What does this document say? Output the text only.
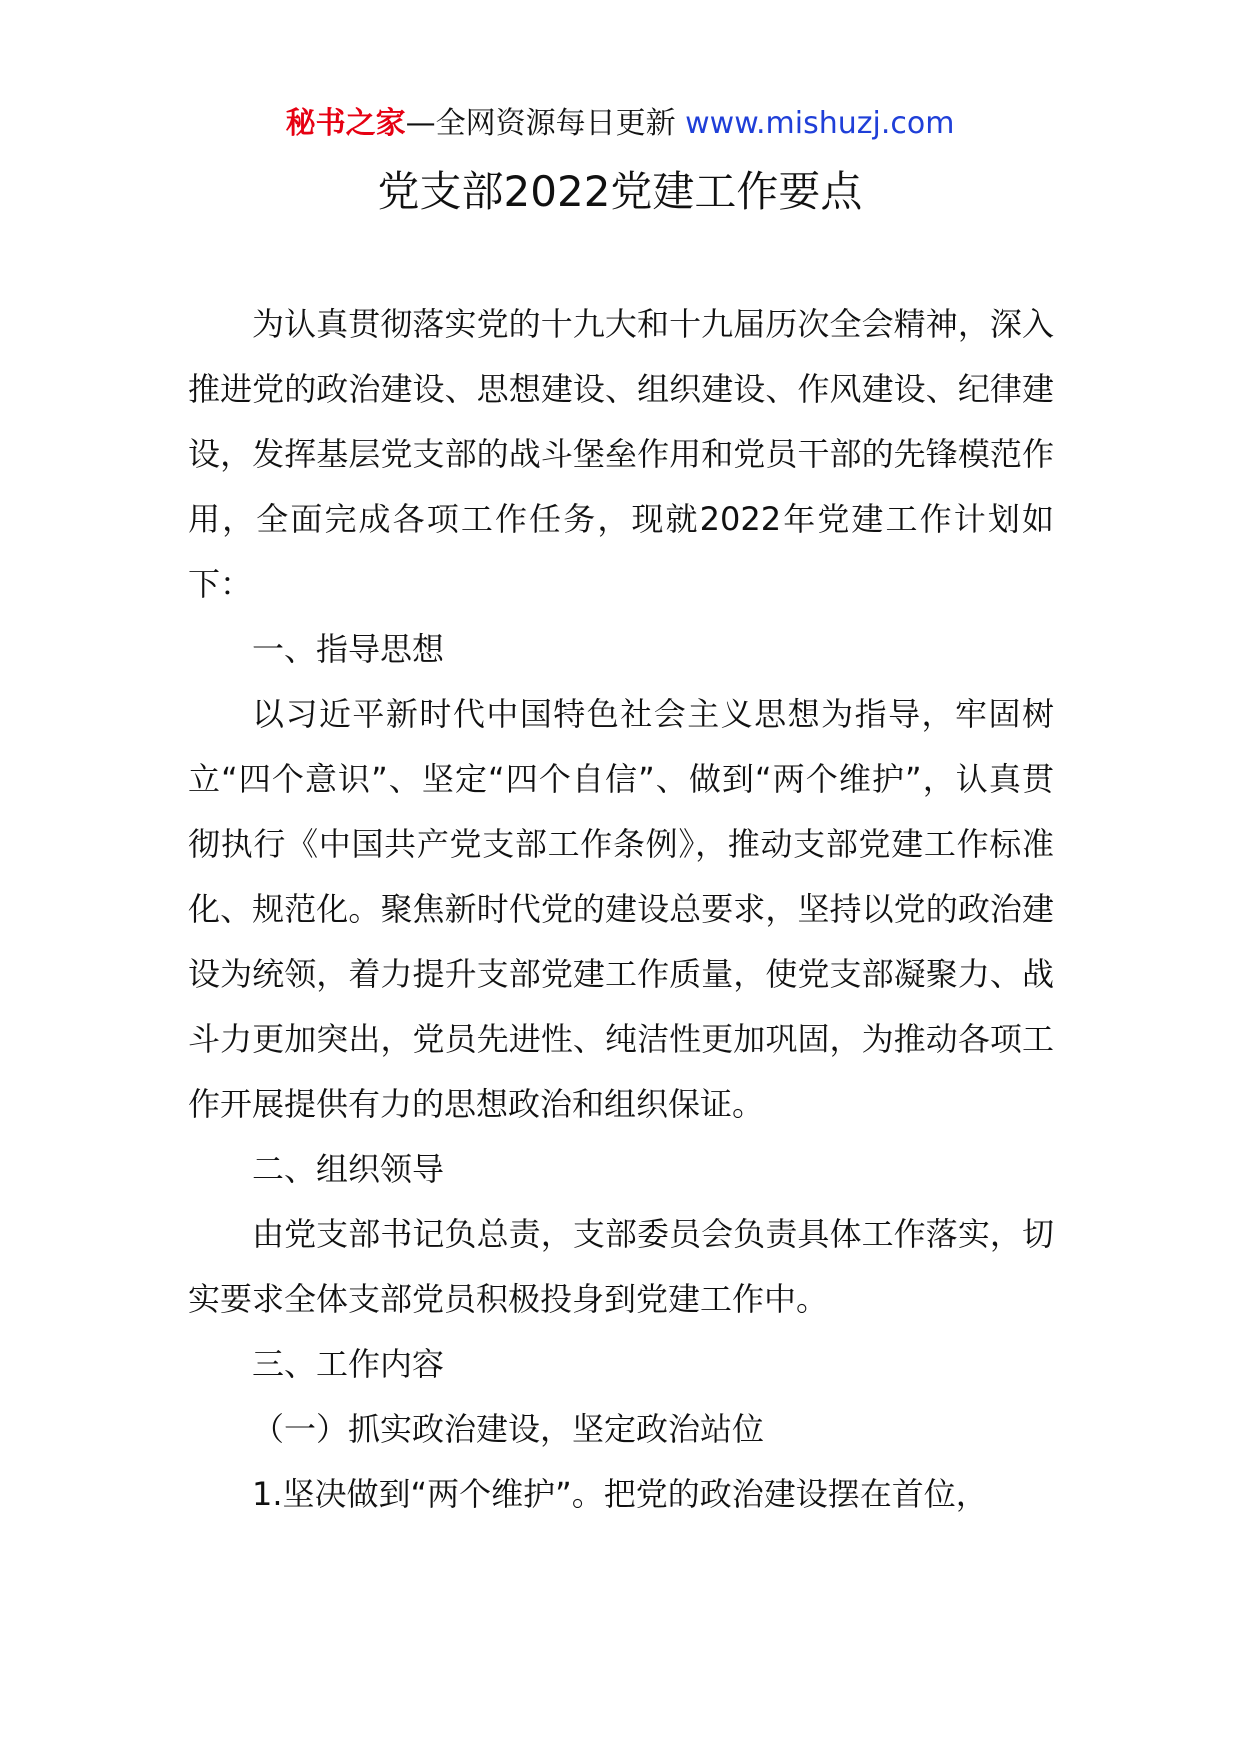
秘书之家—全网资源每日更新 www.mishuzj.com
党支部2022党建工作要点

为认真贯彻落实党的十九大和十九届历次全会精神，深入推进党的政治建设、思想建设、组织建设、作风建设、纪律建设，发挥基层党支部的战斗堡垒作用和党员干部的先锋模范作用，全面完成各项工作任务，现就2022年党建工作计划如下：

一、指导思想

以习近平新时代中国特色社会主义思想为指导，牢固树立“四个意识”、坚定“四个自信”、做到“两个维护”，认真贯彻执行《中国共产党支部工作条例》，推动支部党建工作标准化、规范化。聚焦新时代党的建设总要求，坚持以党的政治建设为统领，着力提升支部党建工作质量，使党支部凝聚力、战斗力更加突出，党员先进性、纯洁性更加巩固，为推动各项工作开展提供有力的思想政治和组织保证。

二、组织领导

由党支部书记负总责，支部委员会负责具体工作落实，切实要求全体支部党员积极投身到党建工作中。

三、工作内容

（一）抓实政治建设，坚定政治站位

1.坚决做到“两个维护”。把党的政治建设摆在首位，
